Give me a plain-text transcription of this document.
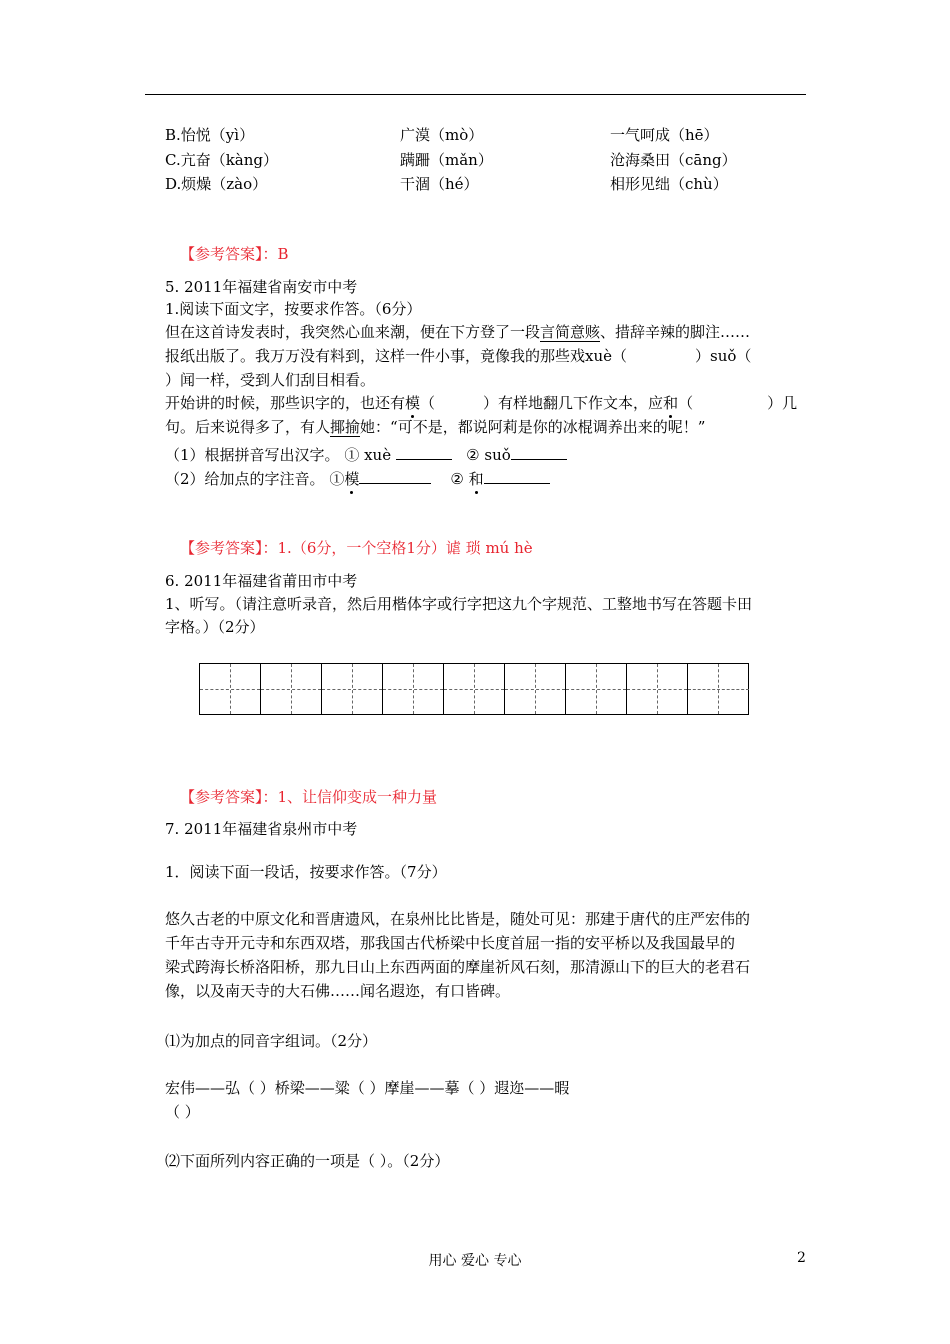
B.怡悦（yì）	广漠（mò）	一气呵成（hē）
C.亢奋（kàng）	蹒跚（mǎn）	沧海桑田（cāng）
D.烦燥（zào）	干涸（hé）	相形见绌（chù）
【参考答案】：B
5. 2011年福建省南安市中考
1.阅读下面文字，按要求作答。（6分）
但在这首诗发表时，我突然心血来潮，便在下方登了一段言简意赅、措辞辛辣的脚注……
报纸出版了。我万万没有料到，这样一件小事，竟像我的那些戏xuè（	）suǒ（
）闻一样，受到人们刮目相看。
开始讲的时候，那些识字的，也还有模（	）有样地翻几下作文本，应和（	）几
句。后来说得多了，有人揶揄她：“可不是，都说阿莉是你的冰棍调养出来的呢！”
（1）根据拼音写出汉字。 ① xuè	② suǒ
（2）给加点的字注音。 ①模	② 和
【参考答案】：1.（6分，一个空格1分）谑 琐 mú hè
6. 2011年福建省莆田市中考
1、听写。（请注意听录音，然后用楷体字或行字把这九个字规范、工整地书写在答题卡田
字格。）（2分）
【参考答案】：1、让信仰变成一种力量
7. 2011年福建省泉州市中考
1．阅读下面一段话，按要求作答。（7分）
悠久古老的中原文化和晋唐遗风，在泉州比比皆是，随处可见：那建于唐代的庄严宏伟的
千年古寺开元寺和东西双塔，那我国古代桥梁中长度首屈一指的安平桥以及我国最早的
梁式跨海长桥洛阳桥，那九日山上东西两面的摩崖祈风石刻，那清源山下的巨大的老君石
像，以及南天寺的大石佛……闻名遐迩，有口皆碑。
⑴为加点的同音字组词。（2分）
宏伟——弘（ ）桥梁——粱（ ）摩崖——摹（ ）遐迩——暇
（ ）
⑵下面所列内容正确的一项是（ ）。（2分）
用心 爱心 专心	2
